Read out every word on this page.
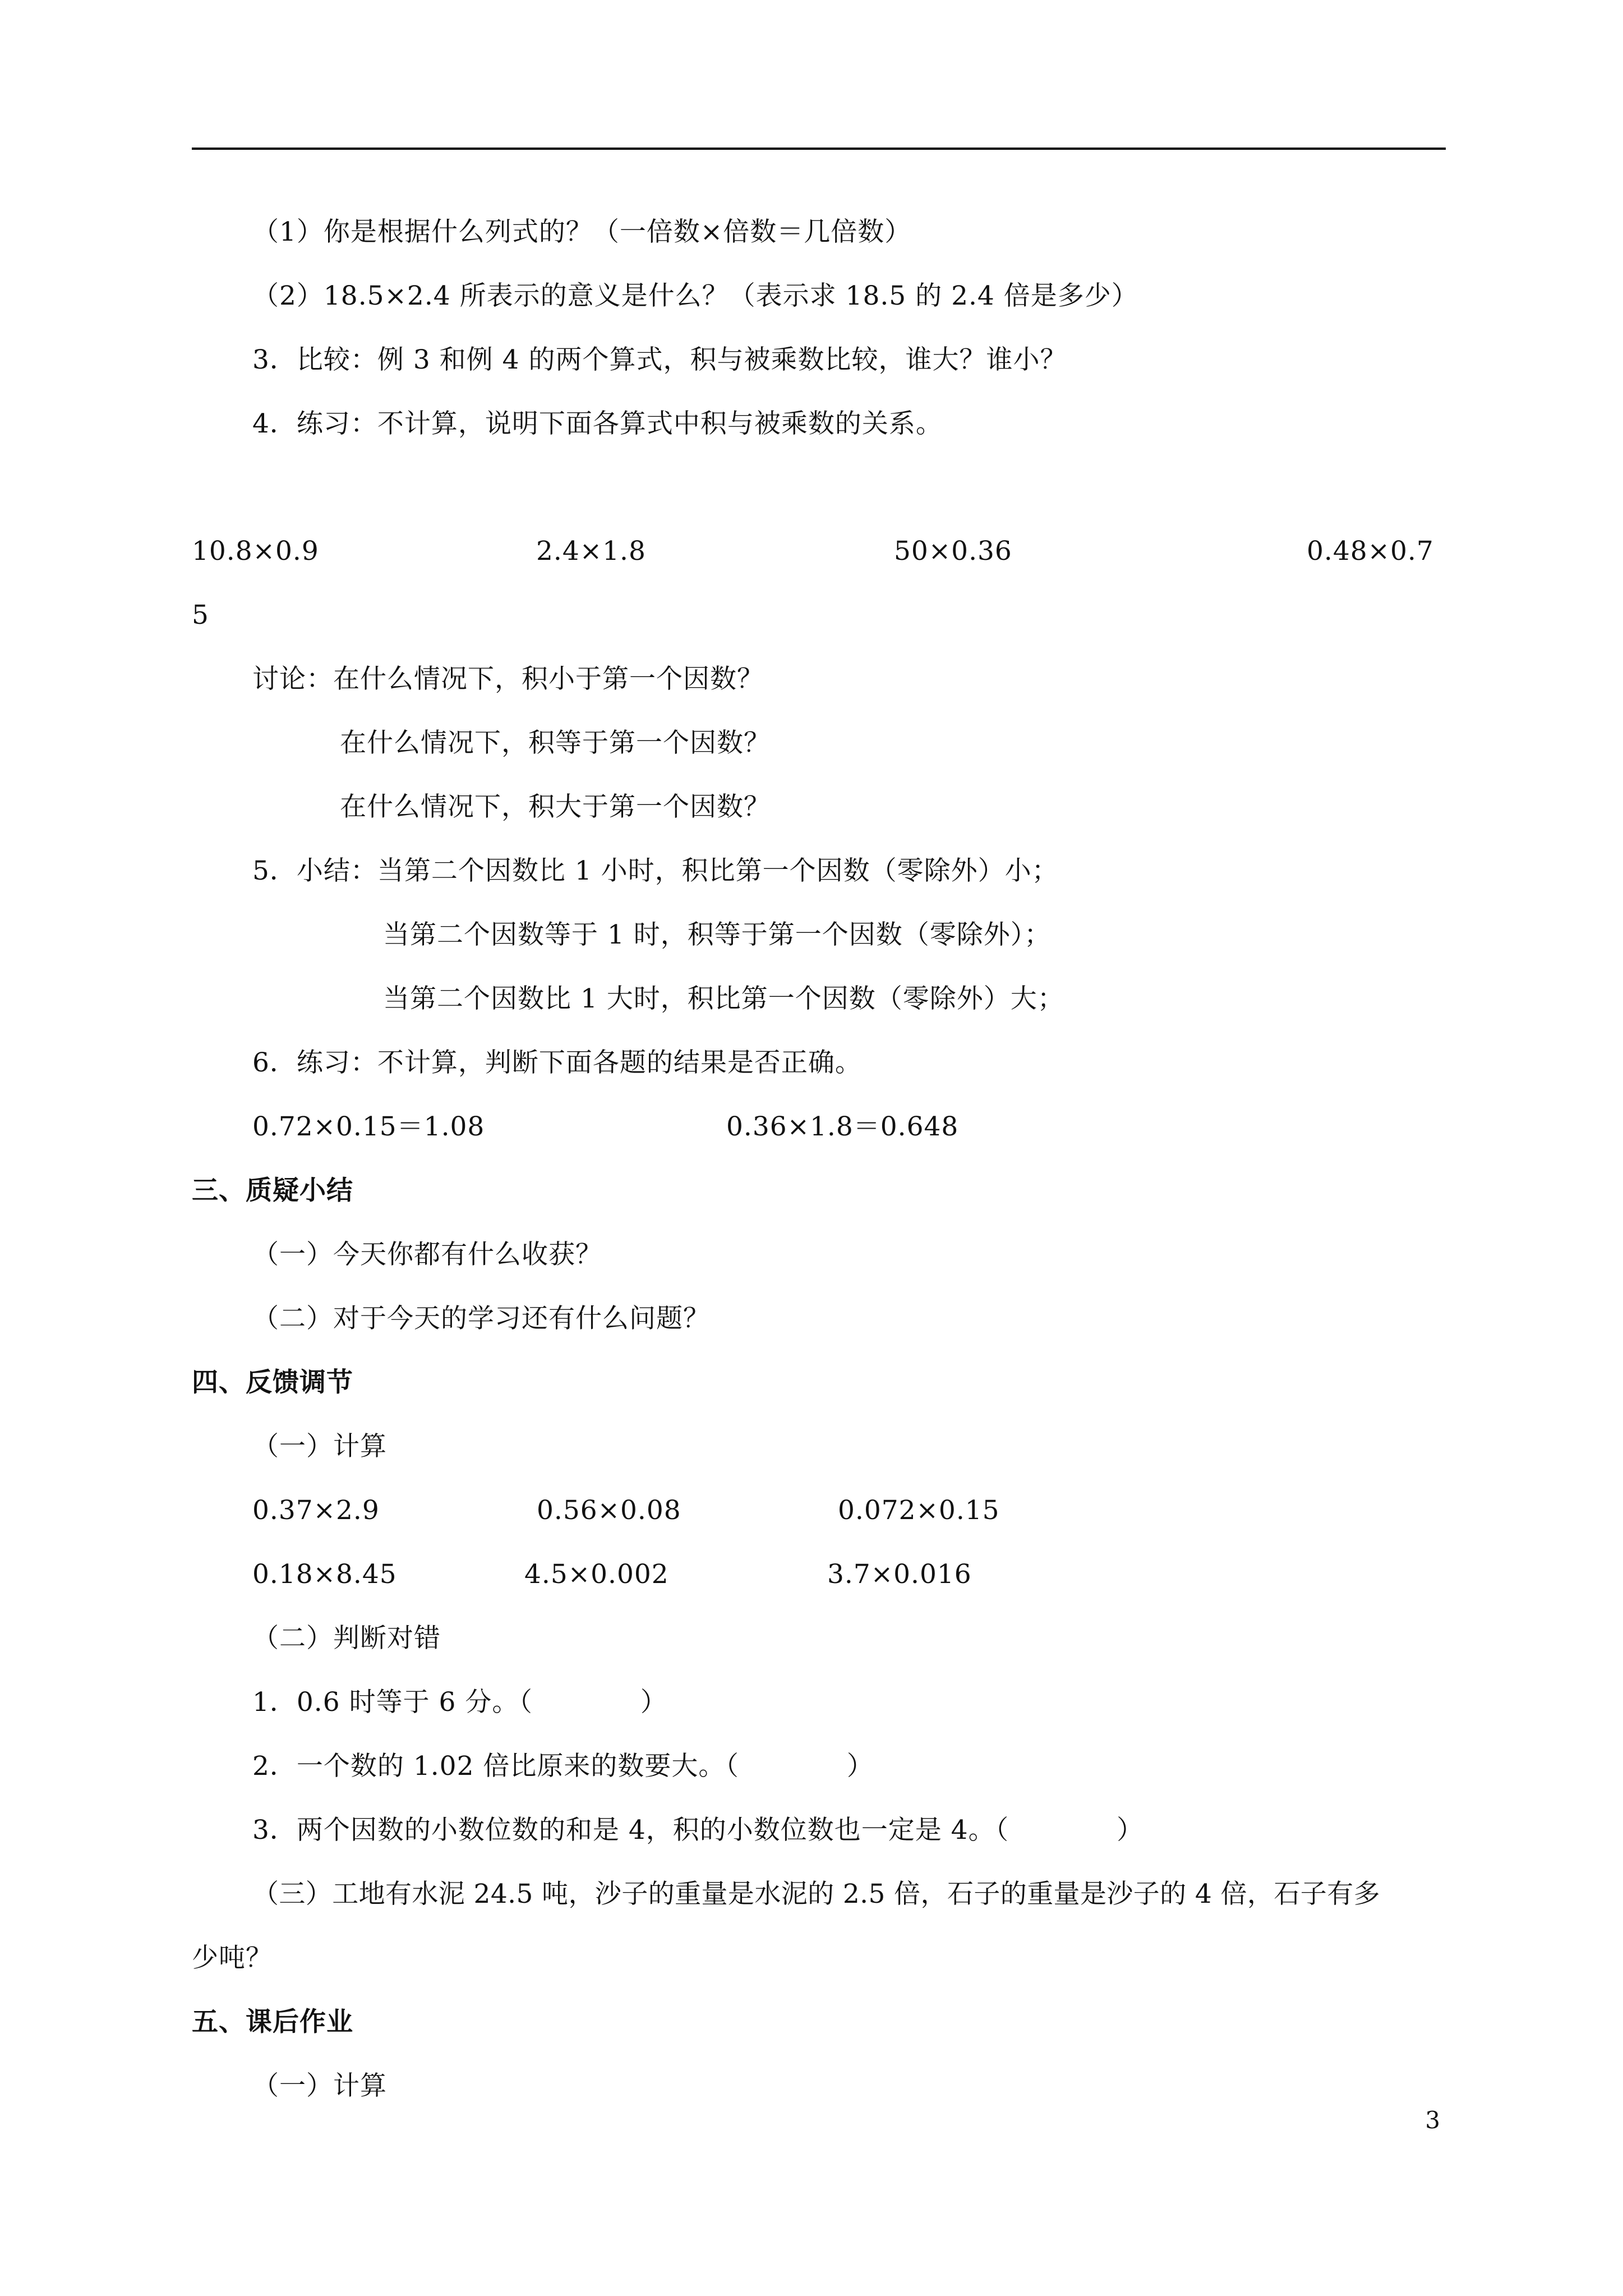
（1）你是根据什么列式的？（一倍数×倍数＝几倍数）
（2）18.5×2.4 所表示的意义是什么？（表示求 18.5 的 2.4 倍是多少）
3．比较：例 3 和例 4 的两个算式，积与被乘数比较，谁大？谁小？
4．练习：不计算，说明下面各算式中积与被乘数的关系。
10.8×0.9	2.4×1.8	50×0.36	0.48×0.7
5
讨论：在什么情况下，积小于第一个因数？
在什么情况下，积等于第一个因数？
在什么情况下，积大于第一个因数？
5．小结：当第二个因数比 1 小时，积比第一个因数（零除外）小；
当第二个因数等于 1 时，积等于第一个因数（零除外）；
当第二个因数比 1 大时，积比第一个因数（零除外）大；
6．练习：不计算，判断下面各题的结果是否正确。
0.72×0.15＝1.08	0.36×1.8＝0.648
三、质疑小结
（一）今天你都有什么收获？
（二）对于今天的学习还有什么问题？
四、反馈调节
（一）计算
0.37×2.9	0.56×0.08	0.072×0.15
0.18×8.45	4.5×0.002	3.7×0.016
（二）判断对错
1．0.6 时等于 6 分。（　　　　）
2．一个数的 1.02 倍比原来的数要大。（　　　　）
3．两个因数的小数位数的和是 4，积的小数位数也一定是 4。（　　　　）
（三）工地有水泥 24.5 吨，沙子的重量是水泥的 2.5 倍，石子的重量是沙子的 4 倍，石子有多
少吨？
五、课后作业
（一）计算
3
